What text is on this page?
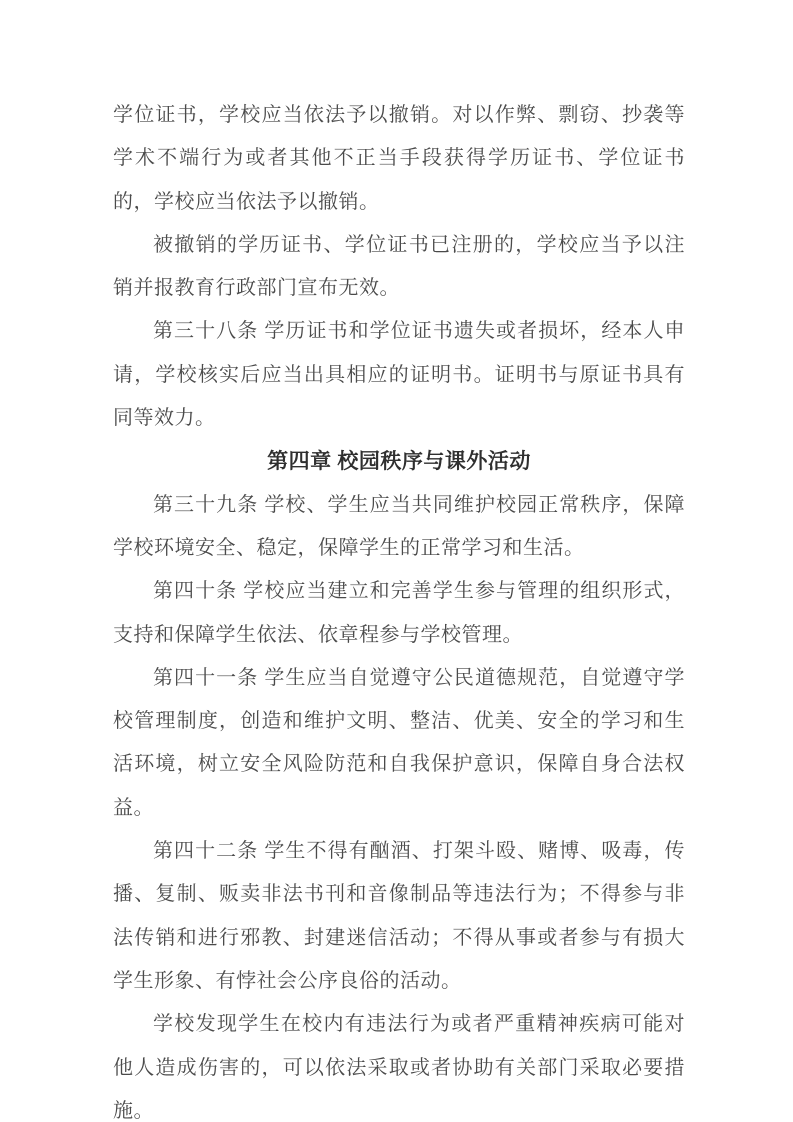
学位证书，学校应当依法予以撤销。对以作弊、剽窃、抄袭等学术不端行为或者其他不正当手段获得学历证书、学位证书的，学校应当依法予以撤销。

被撤销的学历证书、学位证书已注册的，学校应当予以注销并报教育行政部门宣布无效。

第三十八条 学历证书和学位证书遗失或者损坏，经本人申请，学校核实后应当出具相应的证明书。证明书与原证书具有同等效力。

第四章 校园秩序与课外活动

第三十九条 学校、学生应当共同维护校园正常秩序，保障学校环境安全、稳定，保障学生的正常学习和生活。

第四十条 学校应当建立和完善学生参与管理的组织形式，支持和保障学生依法、依章程参与学校管理。

第四十一条 学生应当自觉遵守公民道德规范，自觉遵守学校管理制度，创造和维护文明、整洁、优美、安全的学习和生活环境，树立安全风险防范和自我保护意识，保障自身合法权益。

第四十二条 学生不得有酗酒、打架斗殴、赌博、吸毒，传播、复制、贩卖非法书刊和音像制品等违法行为；不得参与非法传销和进行邪教、封建迷信活动；不得从事或者参与有损大学生形象、有悖社会公序良俗的活动。

学校发现学生在校内有违法行为或者严重精神疾病可能对他人造成伤害的，可以依法采取或者协助有关部门采取必要措施。
